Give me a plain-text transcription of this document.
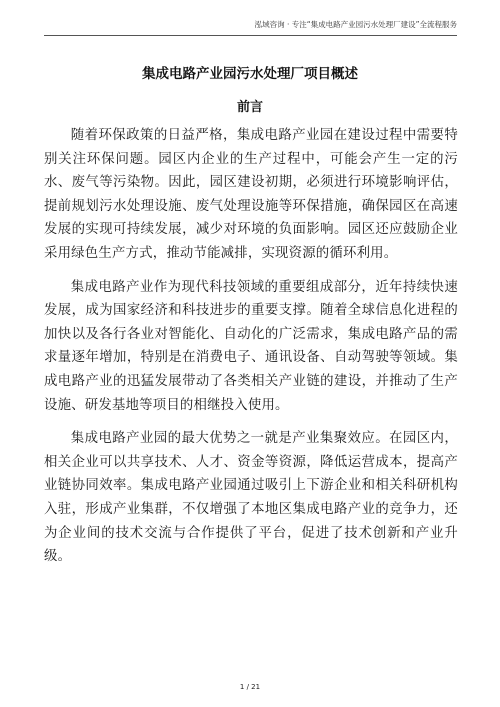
泓域咨询 · 专注“集成电路产业园污水处理厂建设”全流程服务
集成电路产业园污水处理厂项目概述
前言

随着环保政策的日益严格，集成电路产业园在建设过程中需要特别关注环保问题。园区内企业的生产过程中，可能会产生一定的污水、废气等污染物。因此，园区建设初期，必须进行环境影响评估，提前规划污水处理设施、废气处理设施等环保措施，确保园区在高速发展的实现可持续发展，减少对环境的负面影响。园区还应鼓励企业采用绿色生产方式，推动节能减排，实现资源的循环利用。

集成电路产业作为现代科技领域的重要组成部分，近年持续快速发展，成为国家经济和科技进步的重要支撑。随着全球信息化进程的加快以及各行各业对智能化、自动化的广泛需求，集成电路产品的需求量逐年增加，特别是在消费电子、通讯设备、自动驾驶等领域。集成电路产业的迅猛发展带动了各类相关产业链的建设，并推动了生产设施、研发基地等项目的相继投入使用。

集成电路产业园的最大优势之一就是产业集聚效应。在园区内，相关企业可以共享技术、人才、资金等资源，降低运营成本，提高产业链协同效率。集成电路产业园通过吸引上下游企业和相关科研机构入驻，形成产业集群，不仅增强了本地区集成电路产业的竞争力，还为企业间的技术交流与合作提供了平台，促进了技术创新和产业升级。

1 / 21
